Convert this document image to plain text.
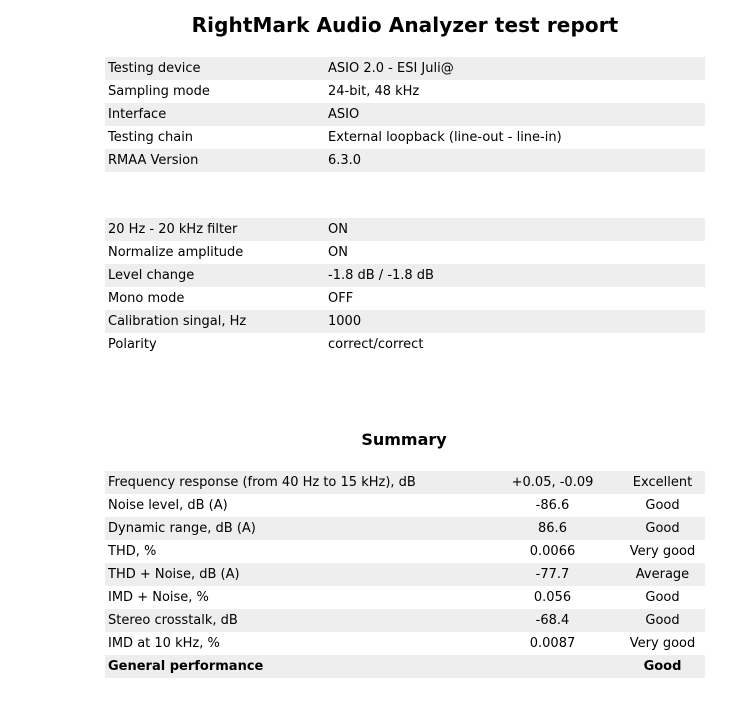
RightMark Audio Analyzer test report
Testing device	ASIO 2.0 - ESI Juli@
Sampling mode	24-bit, 48 kHz
Interface	ASIO
Testing chain	External loopback (line-out - line-in)
RMAA Version	6.3.0
20 Hz - 20 kHz filter	ON
Normalize amplitude	ON
Level change	-1.8 dB / -1.8 dB
Mono mode	OFF
Calibration singal, Hz	1000
Polarity	correct/correct
Summary
Frequency response (from 40 Hz to 15 kHz), dB	+0.05, -0.09	Excellent
Noise level, dB (A)	-86.6	Good
Dynamic range, dB (A)	86.6	Good
THD, %	0.0066	Very good
THD + Noise, dB (A)	-77.7	Average
IMD + Noise, %	0.056	Good
Stereo crosstalk, dB	-68.4	Good
IMD at 10 kHz, %	0.0087	Very good
General performance		Good
